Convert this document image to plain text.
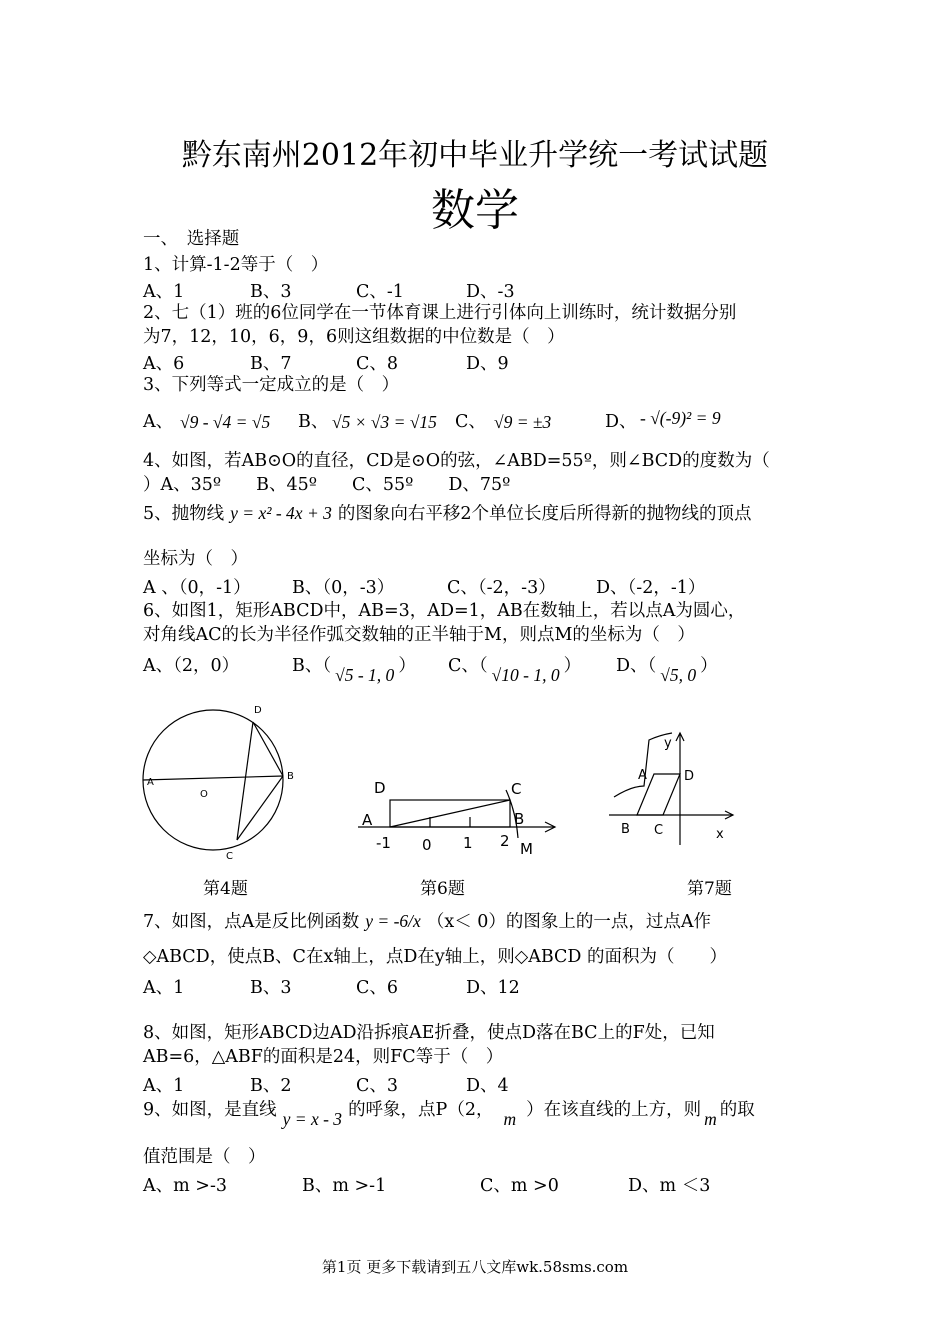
黔东南州2012年初中毕业升学统一考试试题
数学
一、　选择题
1、计算-1-2等于（　）
A、1	B、3	C、-1	D、-3
2、七（1）班的6位同学在一节体育课上进行引体向上训练时，统计数据分别
为7，12，10，6，9，6则这组数据的中位数是（　）
A、6	B、7	C、8	D、9
3、下列等式一定成立的是（　）
A、 √9 - √4 = √5 B、 √5 × √3 = √15 C、 √9 = ±3	D、 - √(-9)² = 9
4、如图，若AB⊙O的直径，CD是⊙O的弦，∠ABD=55º，则∠BCD的度数为（
）A、35º　　B、45º　　C、55º　　D、75º
5、抛物线 y = x² - 4x + 3 的图象向右平移2个单位长度后所得新的抛物线的顶点
坐标为（　）
A 、（0，-1） B、（0，-3）	C、（-2，-3） D、（-2，-1）
6、如图1，矩形ABCD中，AB=3，AD=1，AB在数轴上，若以点A为圆心，
对角线AC的长为半径作弧交数轴的正半轴于M，则点M的坐标为（　）
A、（2，0）	B、（ √5 - 1, 0 ） C、（ √10 - 1, 0 ） D、（ √5, 0 ）
D
A
O
B
C
D	C
A	B
-1 0 1 2 M
y
A	D
B C	x
第4题	第6题	第7题
7、如图，点A是反比例函数 y = -6/x （x＜ 0）的图象上的一点，过点A作
◇ABCD，使点B、C在x轴上，点D在y轴上，则◇ABCD 的面积为（　　）
A、1	B、3	C、6	D、12
8、如图，矩形ABCD边AD沿拆痕AE折叠，使点D落在BC上的F处，已知
AB=6，△ABF的面积是24，则FC等于（　）
A、1	B、2	C、3	D、4
9、如图，是直线 y = x - 3 的呼象，点P（2， m ）在该直线的上方，则 m 的取
值范围是（　）
A、m >-3	B、m >-1	C、m >0	D、m ＜3
第1页 更多下载请到五八文库wk.58sms.com
